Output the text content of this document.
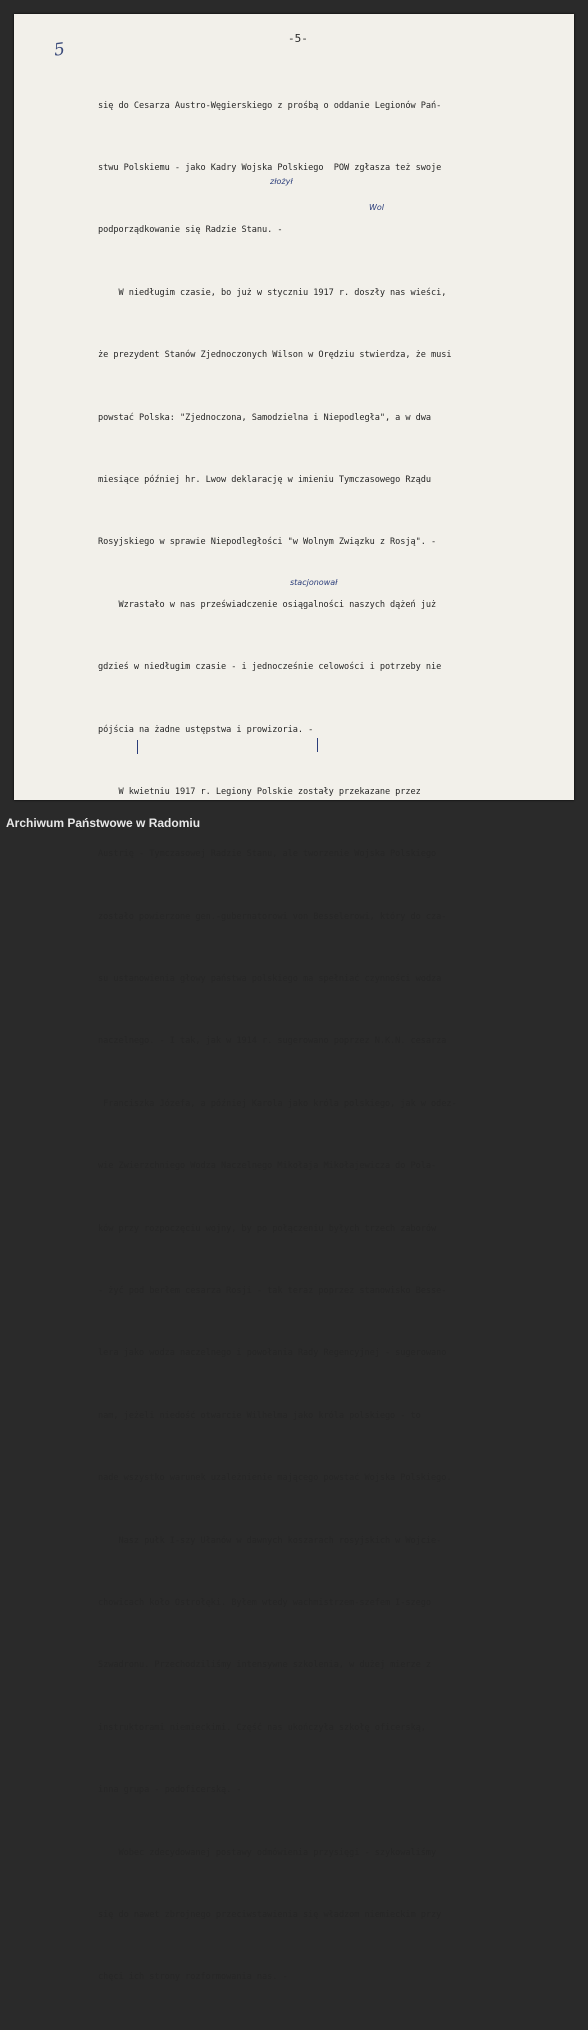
5
-5-

się do Cesarza Austro-Węgierskiego z prośbą o oddanie Legionów Pań-

stwu Polskiemu - jako Kadry Wojska Polskiego  POW zgłasza też swoje

podporządkowanie się Radzie Stanu. -

W niedługim czasie, bo już w styczniu 1917 r. doszły nas wieści,

że prezydent Stanów Zjednoczonych Wilson w Orędziu stwierdza, że musi

powstać Polska: "Zjednoczona, Samodzielna i Niepodległa", a w dwa

miesiące później hr. Lwow deklarację w imieniu Tymczasowego Rządu

Rosyjskiego w sprawie Niepodległości "w Wolnym Związku z Rosją". -

Wzrastało w nas przeświadczenie osiągalności naszych dążeń już

gdzieś w niedługim czasie - i jednocześnie celowości i potrzeby nie

pójścia na żadne ustępstwa i prowizoria. -

W kwietniu 1917 r. Legiony Polskie zostały przekazane przez

Austrię - Tymczasowej Radzie Stanu, ale tworzenie Wojska Polskiego

zostało powierzone gen.-gubernatorowi von Besselerowi, który do cza-

su ustanowienia głowy państwa polskiego ma spełniać czynności wodza

naczelnego. - I tak, jak w 1914 r. sugerowano poprzez N.K.N. cesarza

Franciszka Józefa, a później Karola jako króla polskiego, jak w odez-

wie Zwierzchniego Wodza Naczelnego Mikołaja Mikołajewicza do Pola-

ków przy rozpoczęciu wojny, by po połączeniu byłych trzech zaborów

- żyć pod berłem cesarza Rosji - tak teraz poprzez stanowisko Besse-

lera jako wodza naczelnego i powołania Rady Regencyjnej - sugerowano

nam, jeżeli niedość otwarcie Wilhelma jako króla polskiego - to

nade wszystko warunek uzależnienie mającego powstać Wojska Polskiego.

Nasz pułk I-szy Ułanów w dawnych koszarach rosyjskich w Wojcie-

chowicach koło Ostrołęki. Byłem wtedy wachmistrzem-szefem I-szego

Szwadronu. Przechodziliśmy intensywne szkolenia, w dużej mierze z

instruktorami niemieckimi. Część nas ukończyła szkołę oficerską,

inna grupa - podoficerską. -

Wobec zdecydowanej postawy odmówienia przysięgi - szykowaliśmy

się do nawet zbrojnego przeciwstawienia się władzom niemieckim przy

chęci ich strony rozformowania nas. -

złożył
Wol
stacjonował
Archiwum Państwowe w Radomiu
